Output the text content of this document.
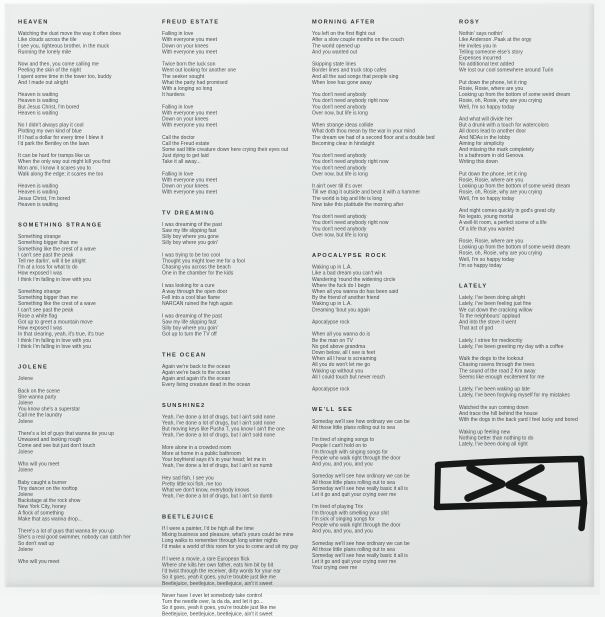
HEAVEN
Watching the dust move the way it often does
Like clouds across the tile
I see you, righteous brother, in the muck
Running the lonely mile
Now and then, you come calling me
Peeling the skin of the night
I spent some time in the tower too, buddy
And I made out alright
Heaven is waiting
Heaven is waiting
But Jesus Christ, I'm bored
Heaven is waiting
No I didn't always play it cool
Plotting my own kind of blue
If I had a dollar for every time I blew it
I'd park the Bentley on the lawn
It can be hard for tramps like us
When the only way out might kill you first
Mon ami, I know it scares you to
Walk along the edge; it scares me too
Heaven is waiting
Heaven is waiting
Jesus Christ, I'm bored
Heaven is waiting
SOMETHING STRANGE
Something strange
Something bigger than me
Something like the crest of a wave
I can't see past the peak
Tell me darlin', will it be alright
I'm at a loss for what to do
How exposed I was
I think I'm falling in love with you
Something strange
Something bigger than me
Something like the crest of a wave
I can't see past the peak
Rose a white flag
Got up to greet a mountain move
How exposed I was
In that clearing, yeah, it's true, it's true
I think I'm falling in love with you
I think I'm falling in love with you
JOLENE
Jolene
Back on the scene
She wanna party
Jolene
You know she's a superstar
Call me the laundry
Jolene
There's a lot of guys that wanna tie you up
Unwaxed and looking rough
Come and see but just don't touch
Jolene
Who will you meet
Jolene
Baby caught a burner
Tiny dancer on the rooftop
Jolene
Backstage at the rock show
New York City, honey
A flock of something
Make that ass wanna drop...
There's a lot of guys that wanna tie you up
She's a real good swimmer, nobody can catch her
So don't wait up
Jolene
Who will you meet
FREUD ESTATE
Falling in love
With everyone you meet
Down on your knees
With everyone you meet
Twice born the luck son
Went out looking for another one
The seeker sought
What the party had promised
With a longing so long
It hardens
Falling in love
With everyone you meet
Down on your knees
With everyone you meet
Call the doctor
Call the Freud estate
Some sad little creature down here crying their eyes out
Just dying to get laid
Take it all away...
Falling in love
With everyone you meet
Down on your knees
With everyone you meet
TV DREAMING
I was dreaming of the past
Saw my life slipping fast
Silly boy where you gone
Silly boy where you goin'
I was trying to be too cool
Thought you might love me for a fool
Chasing you across the beach
One in the chamber for the kids
I was looking for a cure
A way through the open door
Fell into a cool blue flame
NARCAN ruined the high again
I was dreaming of the past
Saw my life slipping fast
Silly boy where you goin'
Got up to turn the TV off
THE OCEAN
Again we're back to the ocean
Again we're back to the ocean
Again and again it's the ocean
Every living creature dead in the ocean
SUNSHINE2
Yeah, I've done a lot of drugs, but I ain't sold none
Yeah, I've done a lot of drugs, but I ain't sold none
But moving keys like Pusha T, you know I ain't the one
Yeah, I've done a lot of drugs, but I ain't sold none
More alone in a crowded room
More at home in a public bathroom
Your boyfriend says it's in your head; let me in
Yeah, I've done a lot of drugs, but I ain't so numb
Hey sad fish, I see you
Pretty little koi fish, me too
What we don't know, everybody knows
Yeah, I've done a lot of drugs, but I ain't so dumb
BEETLEJUICE
If I were a painter, I'd be high all the time
Mixing business and pleasure, what's yours could be mine
Long walks to remember through long winter nights
I'd make a world of this room for you to come and sit my guy
If I were a movie, a rare European flick
Where she kills her own father, eats him bit by bit
I'd twist through the receiver, dirty words for your ear
So it goes, yeah it goes, you're trouble just like me
Beetlejuice, beetlejuice, beetlejuice, ain't it sweet
Never have I ever let somebody take control
Turn the needle over, la da da, and let it go...
So it goes, yeah it goes, you're trouble just like me
Beetlejuice, beetlejuice, beetlejuice, ain't it sweet
MORNING AFTER
You left on the first flight out
After a slow couple months on the couch
The world opened up
And you wanted out
Skipping state lines
Border lines and truck stop cafes
And all the sad songs that people sing
When love has gone away
You don't need anybody
You don't need anybody right now
You don't need anybody
Over now, but life is long
When strange ideas collide
What doth thou mean by the war in your mind
The dream we had of a second floor and a double bed
Becoming clear in hindsight
You don't need anybody
You don't need anybody right now
You don't need anybody
Over now, but life is long
It ain't over till it's over
Till we drag it outside and beat it with a hammer
The world is big and life is long
Now take this platitude the morning after
You don't need anybody
You don't need anybody right now
You don't need anybody
Over now, but life is long
APOCALYPSE ROCK
Waking up in L.A.
Like a bad dream you can't win
Wandering 'round the widening circle
Where the fuck do I begin
When all you wanna do has been said
By the friend of another friend
Waking up in L.A.
Dreaming 'bout you again
Apocalypse rock
When all you wanna do is
Be the man on TV
No god above grandma
Down below, all I see is feet
When all I hear is screaming
All you do won't let me go
Waking up without you
All I could touch but never reach
Apocalypse rock
WE'LL SEE
Someday we'll see how ordinary we can be
All those little plans rolling out to sea
I'm tired of singing songs to
People I can't hold on to
I'm through with singing songs for
People who walk right through the door
And you, and you, and you
Someday we'll see how ordinary we can be
All those little plans rolling out to sea
Someday we'll see how really basic it all is
Let it go and quit your crying over me
I'm tired of playing Trix
I'm through with smelling your shit
I'm sick of singing songs for
People who walk right through the door
And you, and you, and you
Someday we'll see how ordinary we can be
All those little plans rolling out to sea
Someday we'll see how really basic it all is
Let it go and quit your crying over me
Your crying over me
ROSY
Nothin' says nothin'
Like Anderson .Paak at the orgy
He invites you in
Telling someone else's story
Expenses incurred
No additional text added
We lost our cool somewhere around Turin
Put down the phone, let it ring
Rosie, Rosie, where are you
Looking up from the bottom of some weird dream
Rosie, oh, Rosie, why are you crying
Well, I'm so happy today
And what will divide her
But a drunk with a touch for watercolors
All doors lead to another door
And NDAs in the lobby
Aiming for simplicity
And missing the mark completely
In a bathroom in old Genova
Writing this down
Put down the phone, let it ring
Rosie, Rosie, where are you
Looking up from the bottom of some weird dream
Rosie, oh, Rosie, why are you crying
Well, I'm so happy today
And night comes quickly in god's great city
No legato, young mortal
A well-lit room, a perfect scene of a life
Of a life that you wanted
Rosie, Rosie, where are you
Looking up from the bottom of some weird dream
Rosie, oh, Rosie, why are you crying
Well, I'm so happy today
I'm so happy today
LATELY
Lately, I've been doing alright
Lately, I've been feeling just fine
We cut down the cracking willow
To the neighbours' applaud
And into the stove it went
That act of god
Lately, I strive for mediocrity
Lately, I've been greeting my day with a coffee
Walk the dogs to the lookout
Chasing ravens through the trees
The sound of the road 2 Km away
Seems like enough excitement for me
Lately, I've been waking up late
Lately, I've been forgiving myself for my mistakes
Watched the sun coming down
And trace the hill behind the house
With the dogs in the back yard I feel lucky and bored
Waking up feeling new
Nothing better than nothing to do
Lately, I've been doing all right
